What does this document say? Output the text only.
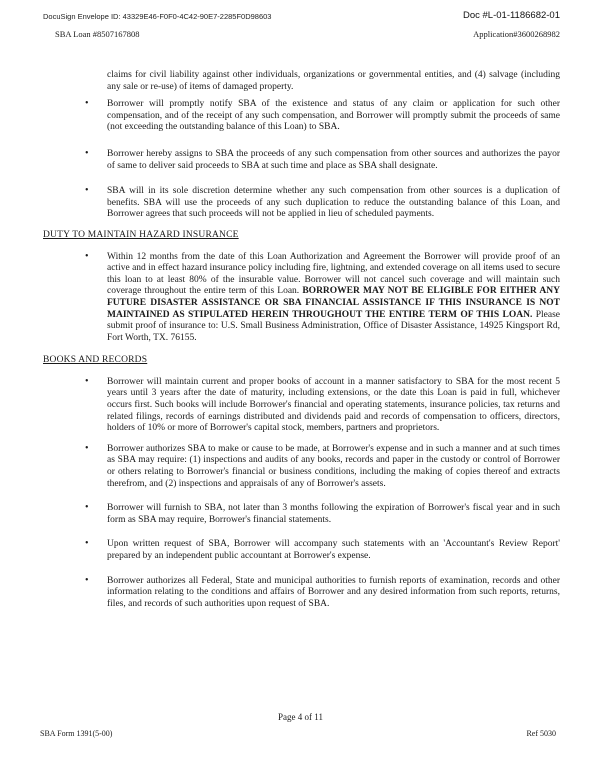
DocuSign Envelope ID: 43329E46-F0F0-4C42-90E7-2285F0D98603	Doc #L-01-1186682-01
SBA Loan #8507167808	Application#3600268982

claims for civil liability against other individuals, organizations or governmental entities, and (4) salvage (including any sale or re-use) of items of damaged property.

• Borrower will promptly notify SBA of the existence and status of any claim or application for such other compensation, and of the receipt of any such compensation, and Borrower will promptly submit the proceeds of same (not exceeding the outstanding balance of this Loan) to SBA.
• Borrower hereby assigns to SBA the proceeds of any such compensation from other sources and authorizes the payor of same to deliver said proceeds to SBA at such time and place as SBA shall designate.
• SBA will in its sole discretion determine whether any such compensation from other sources is a duplication of benefits. SBA will use the proceeds of any such duplication to reduce the outstanding balance of this Loan, and Borrower agrees that such proceeds will not be applied in lieu of scheduled payments.
DUTY TO MAINTAIN HAZARD INSURANCE
• Within 12 months from the date of this Loan Authorization and Agreement the Borrower will provide proof of an active and in effect hazard insurance policy including fire, lightning, and extended coverage on all items used to secure this loan to at least 80% of the insurable value. Borrower will not cancel such coverage and will maintain such coverage throughout the entire term of this Loan. BORROWER MAY NOT BE ELIGIBLE FOR EITHER ANY FUTURE DISASTER ASSISTANCE OR SBA FINANCIAL ASSISTANCE IF THIS INSURANCE IS NOT MAINTAINED AS STIPULATED HEREIN THROUGHOUT THE ENTIRE TERM OF THIS LOAN. Please submit proof of insurance to: U.S. Small Business Administration, Office of Disaster Assistance, 14925 Kingsport Rd, Fort Worth, TX. 76155.
BOOKS AND RECORDS
• Borrower will maintain current and proper books of account in a manner satisfactory to SBA for the most recent 5 years until 3 years after the date of maturity, including extensions, or the date this Loan is paid in full, whichever occurs first. Such books will include Borrower's financial and operating statements, insurance policies, tax returns and related filings, records of earnings distributed and dividends paid and records of compensation to officers, directors, holders of 10% or more of Borrower's capital stock, members, partners and proprietors.
• Borrower authorizes SBA to make or cause to be made, at Borrower's expense and in such a manner and at such times as SBA may require: (1) inspections and audits of any books, records and paper in the custody or control of Borrower or others relating to Borrower's financial or business conditions, including the making of copies thereof and extracts therefrom, and (2) inspections and appraisals of any of Borrower's assets.
• Borrower will furnish to SBA, not later than 3 months following the expiration of Borrower's fiscal year and in such form as SBA may require, Borrower's financial statements.
• Upon written request of SBA, Borrower will accompany such statements with an 'Accountant's Review Report' prepared by an independent public accountant at Borrower's expense.
• Borrower authorizes all Federal, State and municipal authorities to furnish reports of examination, records and other information relating to the conditions and affairs of Borrower and any desired information from such reports, returns, files, and records of such authorities upon request of SBA.
Page 4 of 11
SBA Form 1391(5-00)	Ref 5030
